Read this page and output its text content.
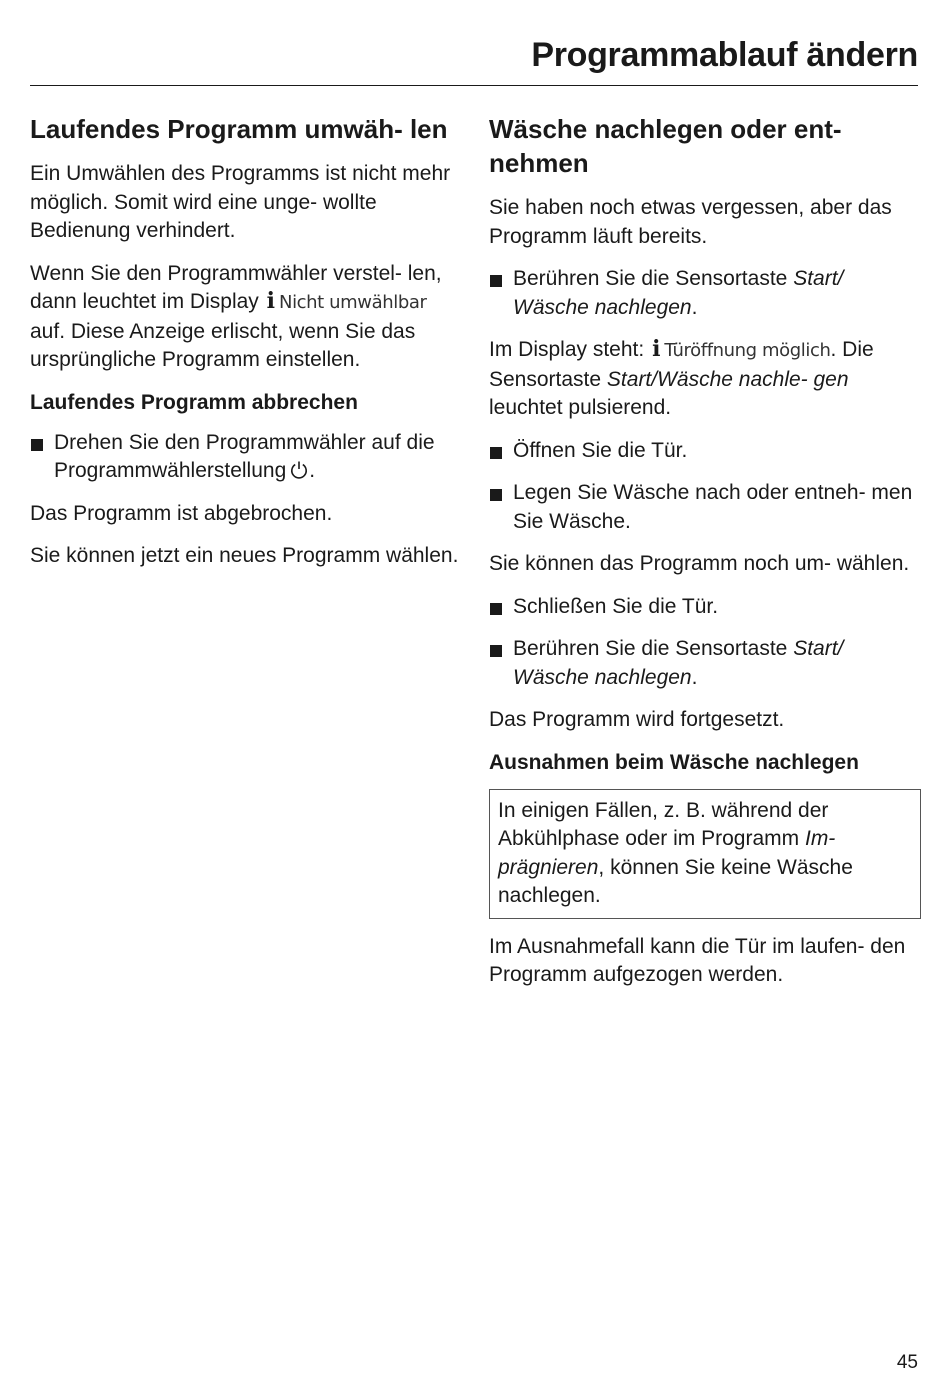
Programmablauf ändern
Laufendes Programm umwäh- len

Ein Umwählen des Programms ist nicht mehr möglich. Somit wird eine unge- wollte Bedienung verhindert.

Wenn Sie den Programmwähler verstel- len, dann leuchtet im Display i Nicht umwählbar auf. Diese Anzeige erlischt, wenn Sie das ursprüngliche Programm einstellen.

Laufendes Programm abbrechen
Drehen Sie den Programmwähler auf die Programmwählerstellung .

Das Programm ist abgebrochen.

Sie können jetzt ein neues Programm wählen.

Wäsche nachlegen oder ent- nehmen

Sie haben noch etwas vergessen, aber das Programm läuft bereits.

Berühren Sie die Sensortaste Start/ Wäsche nachlegen.

Im Display steht: i Türöffnung möglich. Die Sensortaste Start/Wäsche nachle- gen leuchtet pulsierend.

Öffnen Sie die Tür.
Legen Sie Wäsche nach oder entneh- men Sie Wäsche.

Sie können das Programm noch um- wählen.

Schließen Sie die Tür.
Berühren Sie die Sensortaste Start/ Wäsche nachlegen.

Das Programm wird fortgesetzt.

Ausnahmen beim Wäsche nachlegen

In einigen Fällen, z. B. während der Abkühlphase oder im Programm Im- prägnieren, können Sie keine Wäsche nachlegen.

Im Ausnahmefall kann die Tür im laufen- den Programm aufgezogen werden.

45
